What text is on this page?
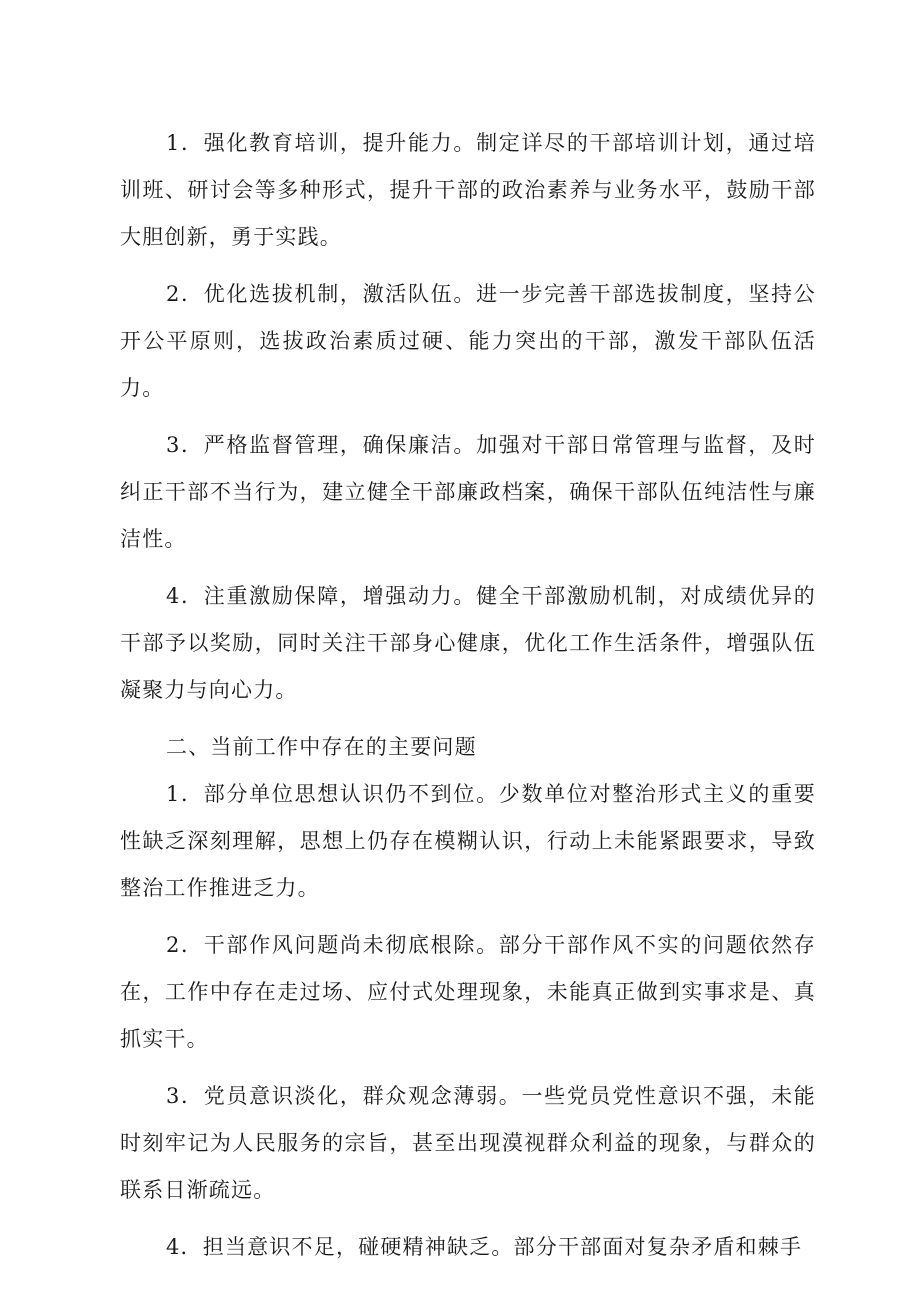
1．强化教育培训，提升能力。制定详尽的干部培训计划，通过培训班、研讨会等多种形式，提升干部的政治素养与业务水平，鼓励干部大胆创新，勇于实践。

2．优化选拔机制，激活队伍。进一步完善干部选拔制度，坚持公开公平原则，选拔政治素质过硬、能力突出的干部，激发干部队伍活力。

3．严格监督管理，确保廉洁。加强对干部日常管理与监督，及时纠正干部不当行为，建立健全干部廉政档案，确保干部队伍纯洁性与廉洁性。

4．注重激励保障，增强动力。健全干部激励机制，对成绩优异的干部予以奖励，同时关注干部身心健康，优化工作生活条件，增强队伍凝聚力与向心力。

二、当前工作中存在的主要问题

1．部分单位思想认识仍不到位。少数单位对整治形式主义的重要性缺乏深刻理解，思想上仍存在模糊认识，行动上未能紧跟要求，导致整治工作推进乏力。

2．干部作风问题尚未彻底根除。部分干部作风不实的问题依然存在，工作中存在走过场、应付式处理现象，未能真正做到实事求是、真抓实干。

3．党员意识淡化，群众观念薄弱。一些党员党性意识不强，未能时刻牢记为人民服务的宗旨，甚至出现漠视群众利益的现象，与群众的联系日渐疏远。

4．担当意识不足，碰硬精神缺乏。部分干部面对复杂矛盾和棘手
